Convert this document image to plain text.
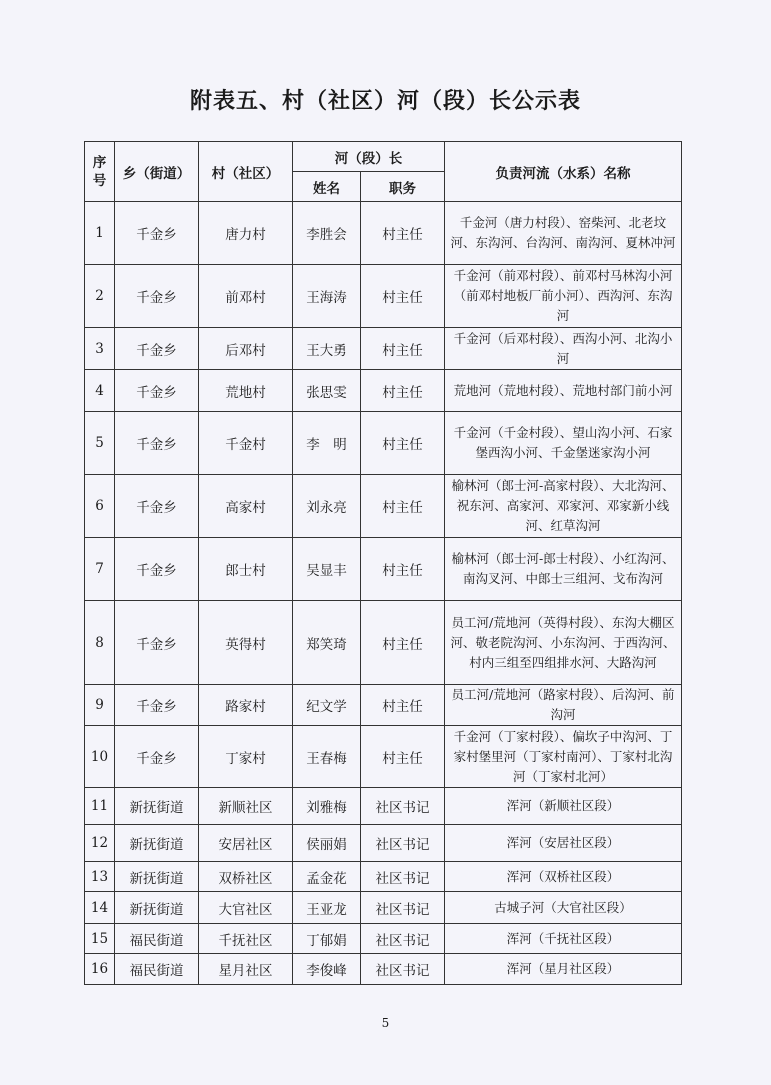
附表五、村（社区）河（段）长公示表
序号	乡（街道）	村（社区）	河（段）长		负责河流（水系）名称
			姓名	职务	
1	千金乡	唐力村	李胜会	村主任	千金河（唐力村段）、窑柴河、北老坟河、东沟河、台沟河、南沟河、夏林冲河
2	千金乡	前邓村	王海涛	村主任	千金河（前邓村段）、前邓村马林沟小河（前邓村地板厂前小河）、西沟河、东沟河
3	千金乡	后邓村	王大勇	村主任	千金河（后邓村段）、西沟小河、北沟小河
4	千金乡	荒地村	张思雯	村主任	荒地河（荒地村段）、荒地村部门前小河
5	千金乡	千金村	李　明	村主任	千金河（千金村段）、望山沟小河、石家堡西沟小河、千金堡迷家沟小河
6	千金乡	高家村	刘永亮	村主任	榆林河（郎士河-高家村段）、大北沟河、祝东河、高家河、邓家河、邓家新小线河、红草沟河
7	千金乡	郎士村	吴显丰	村主任	榆林河（郎士河-郎士村段）、小红沟河、南沟叉河、中郎士三组河、戈布沟河
8	千金乡	英得村	郑笑琦	村主任	员工河/荒地河（英得村段）、东沟大棚区河、敬老院沟河、小东沟河、于西沟河、村内三组至四组排水河、大路沟河
9	千金乡	路家村	纪文学	村主任	员工河/荒地河（路家村段）、后沟河、前沟河
10	千金乡	丁家村	王春梅	村主任	千金河（丁家村段）、偏坎子中沟河、丁家村堡里河（丁家村南河）、丁家村北沟河（丁家村北河）
11	新抚街道	新顺社区	刘雅梅	社区书记	浑河（新顺社区段）
12	新抚街道	安居社区	侯丽娟	社区书记	浑河（安居社区段）
13	新抚街道	双桥社区	孟金花	社区书记	浑河（双桥社区段）
14	新抚街道	大官社区	王亚龙	社区书记	古城子河（大官社区段）
15	福民街道	千抚社区	丁郁娟	社区书记	浑河（千抚社区段）
16	福民街道	星月社区	李俊峰	社区书记	浑河（星月社区段）
5
